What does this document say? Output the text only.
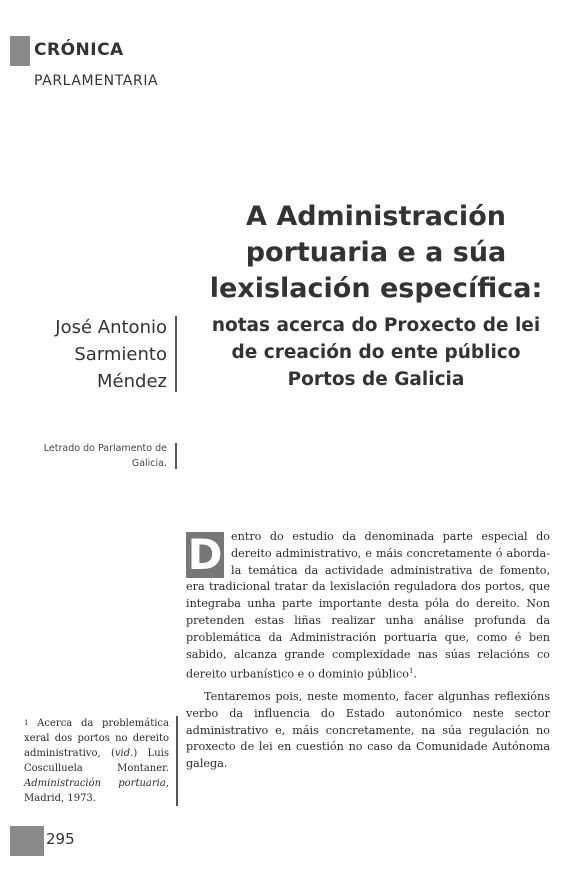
CRÓNICA
PARLAMENTARIA
A Administración
portuaria e a súa
lexislación específica:
notas acerca do Proxecto de lei
de creación do ente público
Portos de Galicia
José Antonio
Sarmiento
Méndez
Letrado do Parlamento de
Galicia.

D entro do estudio da denominada parte especial do dereito administrativo, e máis concretamente ó aborda-la temática da actividade administrativa de fomento, era tradicional tratar da lexislación reguladora dos portos, que integraba unha parte importante desta póla do dereito. Non pretenden estas liñas realizar unha análise profunda da problemática da Administración portuaria que, como é ben sabido, alcanza grande complexidade nas súas relacións co dereito urbanístico e o dominio público$^1$.

Tentaremos pois, neste momento, facer algunhas reflexións verbo da influencia do Estado autonómico neste sector administrativo e, máis concretamente, na súa regulación no proxecto de lei en cuestión no caso da Comunidade Autónoma galega.

$^1$ Acerca da problemática xeral dos portos no dereito administrativo, (vid.) Luis Cosculluela Montaner. Administración portuaria, Madrid, 1973.
295
